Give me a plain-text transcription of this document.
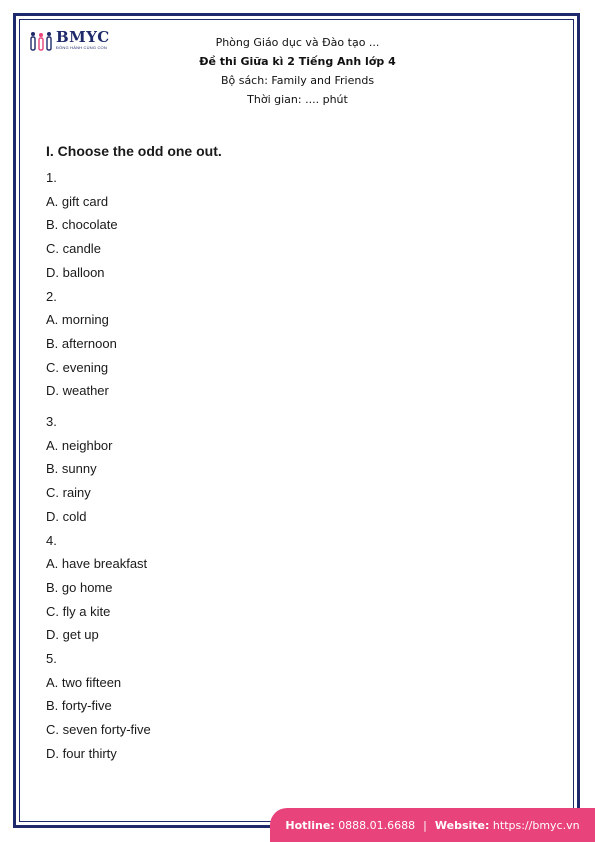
BMYC
ĐỒNG HÀNH CÙNG CON	Phòng Giáo dục và Đào tạo ...
Đề thi Giữa kì 2 Tiếng Anh lớp 4
Bộ sách: Family and Friends
Thời gian: .... phút
I. Choose the odd one out.
1.
A. gift card
B. chocolate
C. candle
D. balloon
2.
A. morning
B. afternoon
C. evening
D. weather
3.
A. neighbor
B. sunny
C. rainy
D. cold
4.
A. have breakfast
B. go home
C. fly a kite
D. get up
5.
A. two fifteen
B. forty-five
C. seven forty-five
D. four thirty
Hotline:
0888.01.6688 | Website:
https://bmyc.vn
